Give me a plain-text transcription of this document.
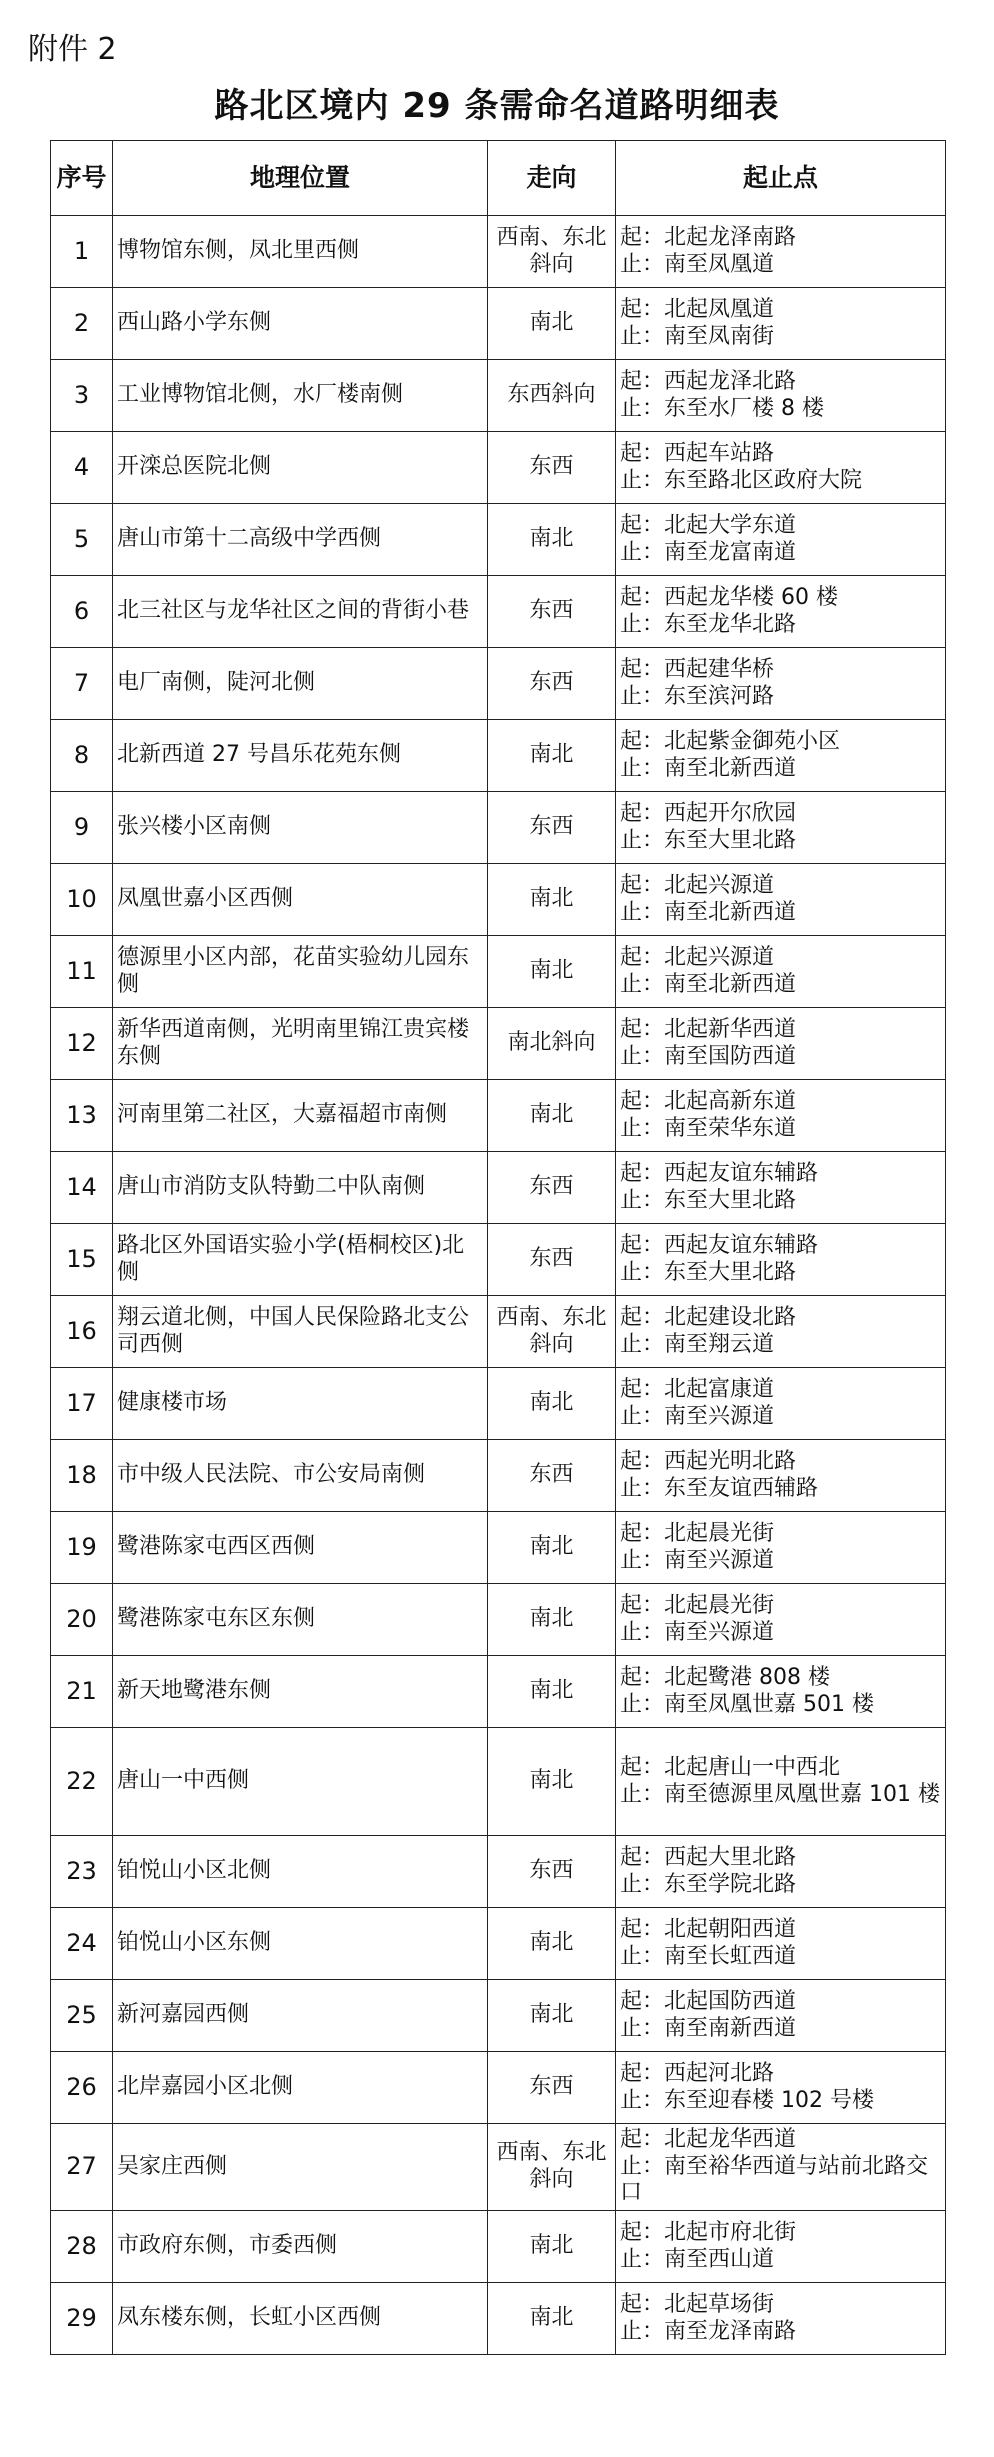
附件 2
路北区境内 29 条需命名道路明细表
序号	地理位置	走向	起止点
1	博物馆东侧，凤北里西侧	西南、东北斜向	起：北起龙泽南路
止：南至凤凰道
2	西山路小学东侧	南北	起：北起凤凰道
止：南至凤南街
3	工业博物馆北侧，水厂楼南侧	东西斜向	起：西起龙泽北路
止：东至水厂楼 8 楼
4	开滦总医院北侧	东西	起：西起车站路
止：东至路北区政府大院
5	唐山市第十二高级中学西侧	南北	起：北起大学东道
止：南至龙富南道
6	北三社区与龙华社区之间的背街小巷	东西	起：西起龙华楼 60 楼
止：东至龙华北路
7	电厂南侧，陡河北侧	东西	起：西起建华桥
止：东至滨河路
8	北新西道 27 号昌乐花苑东侧	南北	起：北起紫金御苑小区
止：南至北新西道
9	张兴楼小区南侧	东西	起：西起开尔欣园
止：东至大里北路
10	凤凰世嘉小区西侧	南北	起：北起兴源道
止：南至北新西道
11	德源里小区内部，花苗实验幼儿园东侧	南北	起：北起兴源道
止：南至北新西道
12	新华西道南侧，光明南里锦江贵宾楼东侧	南北斜向	起：北起新华西道
止：南至国防西道
13	河南里第二社区，大嘉福超市南侧	南北	起：北起高新东道
止：南至荣华东道
14	唐山市消防支队特勤二中队南侧	东西	起：西起友谊东辅路
止：东至大里北路
15	路北区外国语实验小学(梧桐校区)北侧	东西	起：西起友谊东辅路
止：东至大里北路
16	翔云道北侧，中国人民保险路北支公司西侧	西南、东北斜向	起：北起建设北路
止：南至翔云道
17	健康楼市场	南北	起：北起富康道
止：南至兴源道
18	市中级人民法院、市公安局南侧	东西	起：西起光明北路
止：东至友谊西辅路
19	鹭港陈家屯西区西侧	南北	起：北起晨光街
止：南至兴源道
20	鹭港陈家屯东区东侧	南北	起：北起晨光街
止：南至兴源道
21	新天地鹭港东侧	南北	起：北起鹭港 808 楼
止：南至凤凰世嘉 501 楼
22	唐山一中西侧	南北	起：北起唐山一中西北
止：南至德源里凤凰世嘉 101 楼
23	铂悦山小区北侧	东西	起：西起大里北路
止：东至学院北路
24	铂悦山小区东侧	南北	起：北起朝阳西道
止：南至长虹西道
25	新河嘉园西侧	南北	起：北起国防西道
止：南至南新西道
26	北岸嘉园小区北侧	东西	起：西起河北路
止：东至迎春楼 102 号楼
27	吴家庄西侧	西南、东北斜向	起：北起龙华西道
止：南至裕华西道与站前北路交口
28	市政府东侧，市委西侧	南北	起：北起市府北街
止：南至西山道
29	凤东楼东侧，长虹小区西侧	南北	起：北起草场街
止：南至龙泽南路
